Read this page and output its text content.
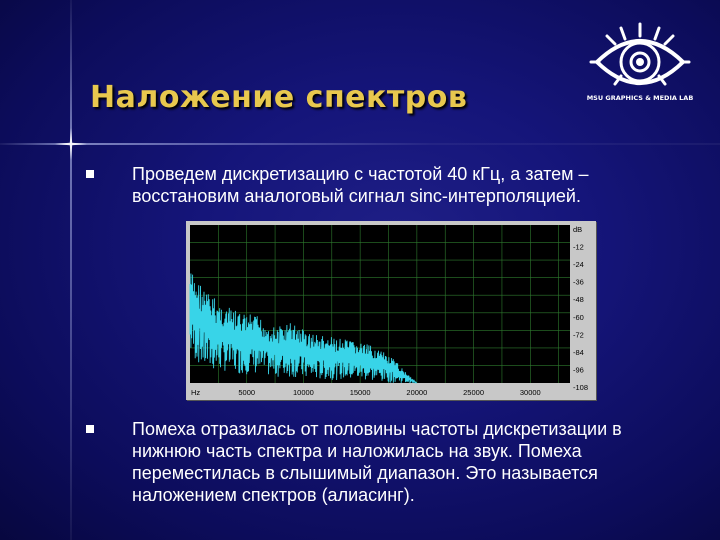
Наложение спектров	MSU GRAPHICS & MEDIA LAB

Проведем дискретизацию с частотой 40 кГц, а затем – восстановим аналоговый сигнал sinc-интерполяцией.

Hz	5000	10000	15000	20000	25000	30000
dB
-12
-24
-36
-48
-60
-72
-84
-96
-108

Помеха отразилась от половины частоты дискретизации в нижнюю часть спектра и наложилась на звук. Помеха переместилась в слышимый диапазон. Это называется наложением спектров (алиасинг).
